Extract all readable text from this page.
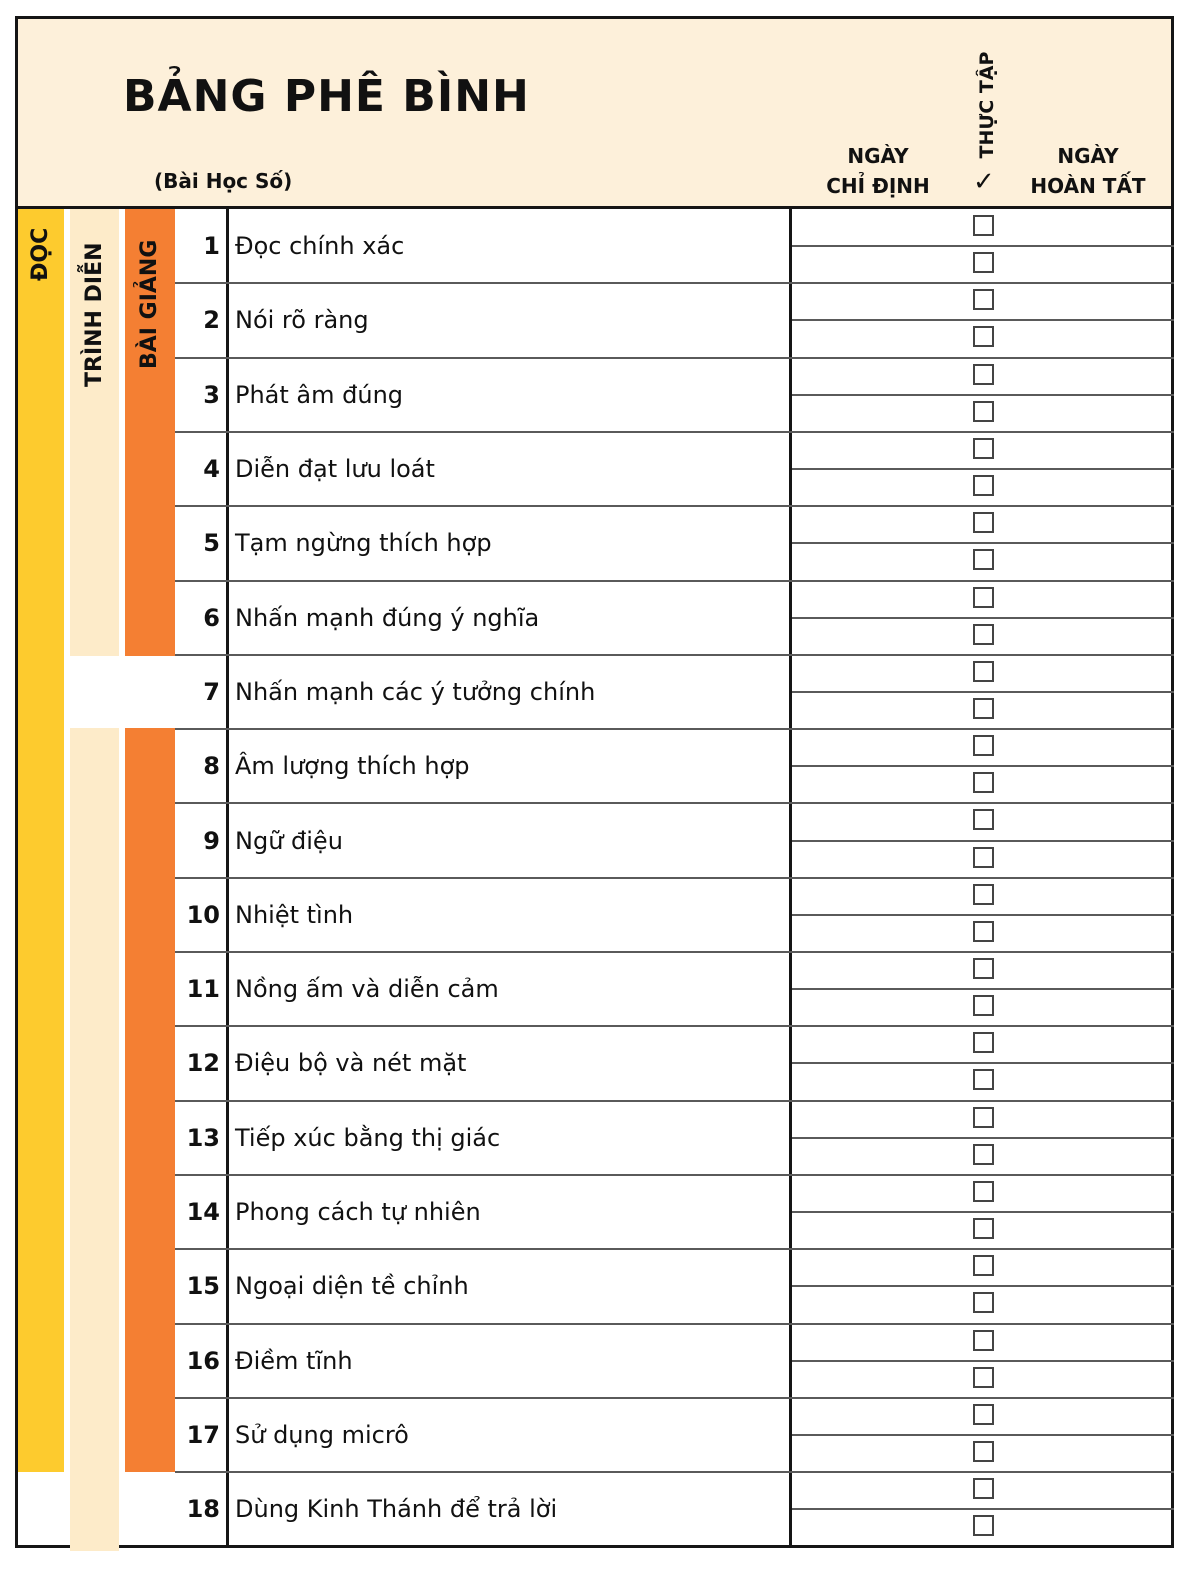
BẢNG PHÊ BÌNH
(Bài Học Số)
NGÀY
CHỈ ĐỊNH
THỰC TẬP
✓
NGÀY
HOÀN TẤT
ĐỌC TRÌNH DIỄN BÀI GIẢNG	1 Đọc chính xác
2 Nói rõ ràng
3 Phát âm đúng
4 Diễn đạt lưu loát
5 Tạm ngừng thích hợp
6 Nhấn mạnh đúng ý nghĩa
7 Nhấn mạnh các ý tưởng chính
8 Âm lượng thích hợp
9 Ngữ điệu
10 Nhiệt tình
11 Nồng ấm và diễn cảm
12 Điệu bộ và nét mặt
13 Tiếp xúc bằng thị giác
14 Phong cách tự nhiên
15 Ngoại diện tề chỉnh
16 Điềm tĩnh
17 Sử dụng micrô
18 Dùng Kinh Thánh để trả lời
